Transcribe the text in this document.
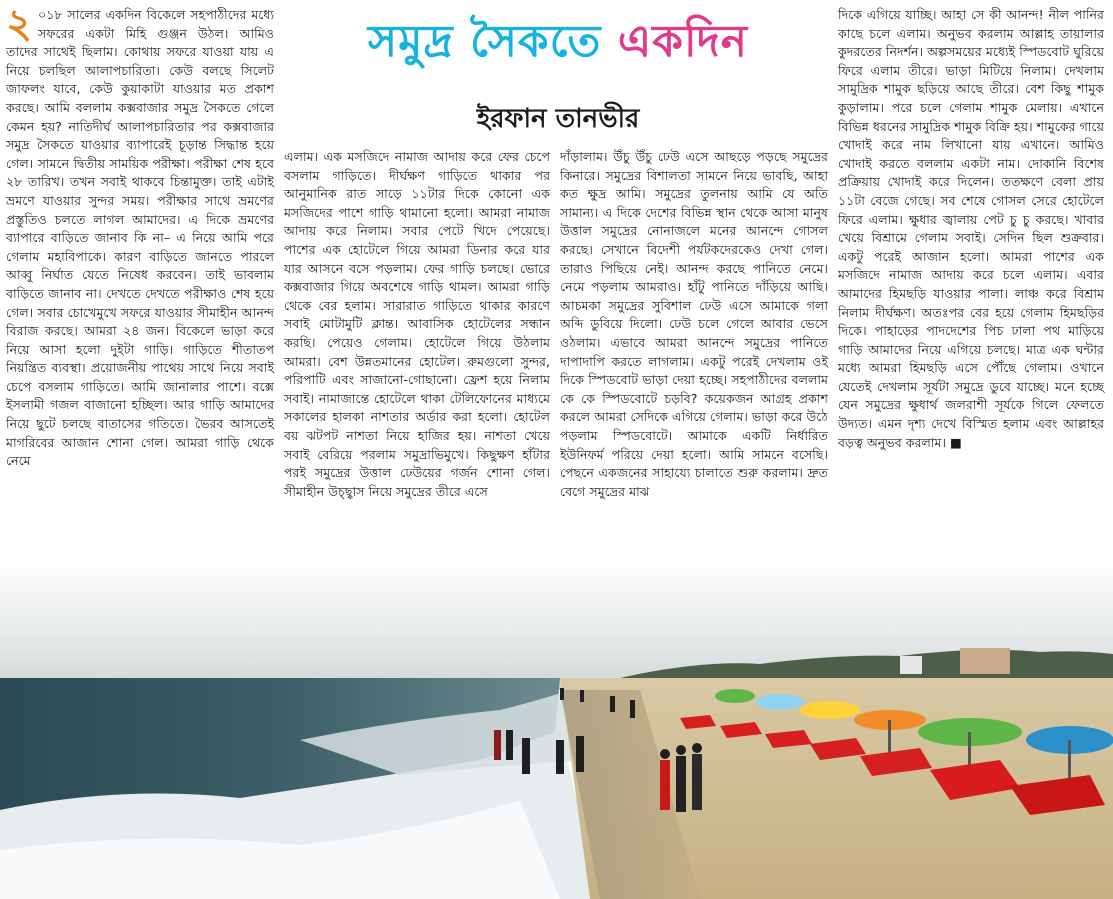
সমুদ্র সৈকতে একদিন
ইরফান তানভীর
২ ০১৮ সালের একদিন বিকেলে সহপাঠীদের মধ্যে সফরের একটা মিহি গুঞ্জন উঠল। আমিও তাদের সাথেই ছিলাম। কোথায় সফরে যাওয়া যায় এ নিয়ে চলছিল আলাপচারিতা। কেউ বলছে সিলেট জাফলং যাবে, কেউ কুয়াকাটা যাওয়ার মত প্রকাশ করছে। আমি বললাম কক্সবাজার সমুদ্র সৈকতে গেলে কেমন হয়? নাতিদীর্ঘ আলাপচারিতার পর কক্সবাজার সমুদ্র সৈকতে যাওয়ার ব্যাপারেই চূড়ান্ত সিদ্ধান্ত হয়ে গেল। সামনে দ্বিতীয় সাময়িক পরীক্ষা। পরীক্ষা শেষ হবে ২৮ তারিখ। তখন সবাই থাকবে চিন্তামুক্ত। তাই এটাই ভ্রমণে যাওয়ার সুন্দর সময়। পরীক্ষার সাথে ভ্রমণের প্রস্তুতিও চলতে লাগল আমাদের। এ দিকে ভ্রমণের ব্যাপারে বাড়িতে জানাব কি না– এ নিয়ে আমি পরে গেলাম মহাবিপাকে। কারণ বাড়িতে জানতে পারলে আব্বু নির্ঘাত যেতে নিষেধ করবেন। তাই ভাবলাম বাড়িতে জানাব না। দেখতে দেখতে পরীক্ষাও শেষ হয়ে গেল। সবার চোখেমুখে সফরে যাওয়ার সীমাহীন আনন্দ বিরাজ করছে। আমরা ২৪ জন। বিকেলে ভাড়া করে নিয়ে আসা হলো দুইটা গাড়ি। গাড়িতে শীতাতপ নিয়ন্ত্রিত ব্যবস্থা। প্রয়োজনীয় পাথেয় সাথে নিয়ে সবাই চেপে বসলাম গাড়িতে। আমি জানালার পাশে। বক্সে ইসলামী গজল বাজানো হচ্ছিল। আর গাড়ি আমাদের নিয়ে ছুটে চলছে বাতাসের গতিতে। ভৈরব আসতেই মাগরিবের আজান শোনা গেল। আমরা গাড়ি থেকে নেমে

এলাম। এক মসজিদে নামাজ আদায় করে ফের চেপে বসলাম গাড়িতে। দীর্ঘক্ষণ গাড়িতে থাকার পর আনুমানিক রাত সাড়ে ১১টার দিকে কোনো এক মসজিদের পাশে গাড়ি থামানো হলো। আমরা নামাজ আদায় করে নিলাম। সবার পেটে খিদে পেয়েছে। পাশের এক হোটেলে গিয়ে আমরা ডিনার করে যার যার আসনে বসে পড়লাম। ফের গাড়ি চলছে। ভোরে কক্সবাজার গিয়ে অবশেষে গাড়ি থামল। আমরা গাড়ি থেকে বের হলাম। সারারাত গাড়িতে থাকার কারণে সবাই মোটামুটি ক্লান্ত। আবাসিক হোটেলের সন্ধান করছি। পেয়েও গেলাম। হোটেলে গিয়ে উঠলাম আমরা। বেশ উন্নতমানের হোটেল। রুমগুলো সুন্দর, পরিপাটি এবং সাজানো-গোছানো। ফ্রেশ হয়ে নিলাম সবাই। নামাজান্তে হোটেলে থাকা টেলিফোনের মাধ্যমে সকালের হালকা নাশতার অর্ডার করা হলো। হোটেল বয় ঝটপট নাশতা নিয়ে হাজির হয়। নাশতা খেয়ে সবাই বেরিয়ে পরলাম সমুদ্রাভিমুখে। কিছুক্ষণ হাঁটার পরই সমুদ্রের উত্তাল ঢেউয়ের গর্জন শোনা গেল। সীমাহীন উচ্ছ্বাস নিয়ে সমুদ্রের তীরে এসে

দাঁড়ালাম। উঁচু উঁচু ঢেউ এসে আছড়ে পড়ছে সমুদ্রের কিনারে। সমুদ্রের বিশালতা সামনে নিয়ে ভাবছি, আহা কত ক্ষুদ্র আমি। সমুদ্রের তুলনায় আমি যে অতি সামান্য। এ দিকে দেশের বিভিন্ন স্থান থেকে আসা মানুষ উত্তাল সমুদ্রের নোনাজলে মনের আনন্দে গোসল করছে। সেখানে বিদেশী পর্যটকদেরকেও দেখা গেল। তারাও পিছিয়ে নেই। আনন্দ করছে পানিতে নেমে। নেমে পড়লাম আমরাও। হাঁটু পানিতে দাঁড়িয়ে আছি। আচমকা সমুদ্রের সুবিশাল ঢেউ এসে আমাকে গলা অব্দি ডুবিয়ে দিলো। ঢেউ চলে গেলে আবার ভেসে ওঠলাম। এভাবে আমরা আনন্দে সমুদ্রের পানিতে দাপাদাপি করতে লাগলাম। একটু পরেই দেখলাম ওই দিকে স্পিডবোট ভাড়া দেয়া হচ্ছে। সহপাঠীদের বললাম কে কে স্পিডবোটে চড়বি? কয়েকজন আগ্রহ প্রকাশ করলে আমরা সেদিকে এগিয়ে গেলাম। ভাড়া করে উঠে পড়লাম স্পিডবোটে। আমাকে একটি নির্ধারিত ইউনিফর্ম পরিয়ে দেয়া হলো। আমি সামনে বসেছি। পেছনে একজনের সাহায্যে চালাতে শুরু করলাম। দ্রুত বেগে সমুদ্রের মাঝ

দিকে এগিয়ে যাচ্ছি। আহা সে কী আনন্দ! নীল পানির কাছে চলে এলাম। অনুভব করলাম আল্লাহ তায়ালার কুদরতের নিদর্শন। অল্পসময়ের মধ্যেই স্পিডবোট ঘুরিয়ে ফিরে এলাম তীরে। ভাড়া মিটিয়ে নিলাম। দেখলাম সামুদ্রিক শামুক ছড়িয়ে আছে তীরে। বেশ কিছু শামুক কুড়ালাম। পরে চলে গেলাম শামুক মেলায়। এখানে বিভিন্ন ধরনের সামুদ্রিক শামুক বিক্রি হয়। শামুকের গায়ে খোদাই করে নাম লিখানো যায় এখানে। আমিও খোদাই করতে বললাম একটা নাম। দোকানি বিশেষ প্রক্রিয়ায় খোদাই করে দিলেন। ততক্ষণে বেলা প্রায় ১১টা বেজে গেছে। সব শেষে গোসল সেরে হোটেলে ফিরে এলাম। ক্ষুধার জ্বালায় পেট চু চু করছে। খাবার খেয়ে বিশ্রামে গেলাম সবাই। সেদিন ছিল শুক্রবার। একটু পরেই আজান হলো। আমরা পাশের এক মসজিদে নামাজ আদায় করে চলে এলাম। এবার আমাদের হিমছড়ি যাওয়ার পালা। লাঞ্চ করে বিশ্রাম নিলাম দীর্ঘক্ষণ। অতঃপর বের হয়ে গেলাম হিমছড়ির দিকে। পাহাড়ের পাদদেশের পিচ ঢালা পথ মাড়িয়ে গাড়ি আমাদের নিয়ে এগিয়ে চলছে। মাত্র এক ঘন্টার মধ্যে আমরা হিমছড়ি এসে পৌঁছে গেলাম। ওখানে যেতেই দেখলাম সূর্যটা সমুদ্রে ডুবে যাচ্ছে। মনে হচ্ছে যেন সমুদ্রের ক্ষুধার্থ জলরাশী সূর্যকে গিলে ফেলতে উদ্যত। এমন দৃশ্য দেখে বিস্মিত হলাম এবং আল্লাহর বড়ত্ব অনুভব করলাম। ■
